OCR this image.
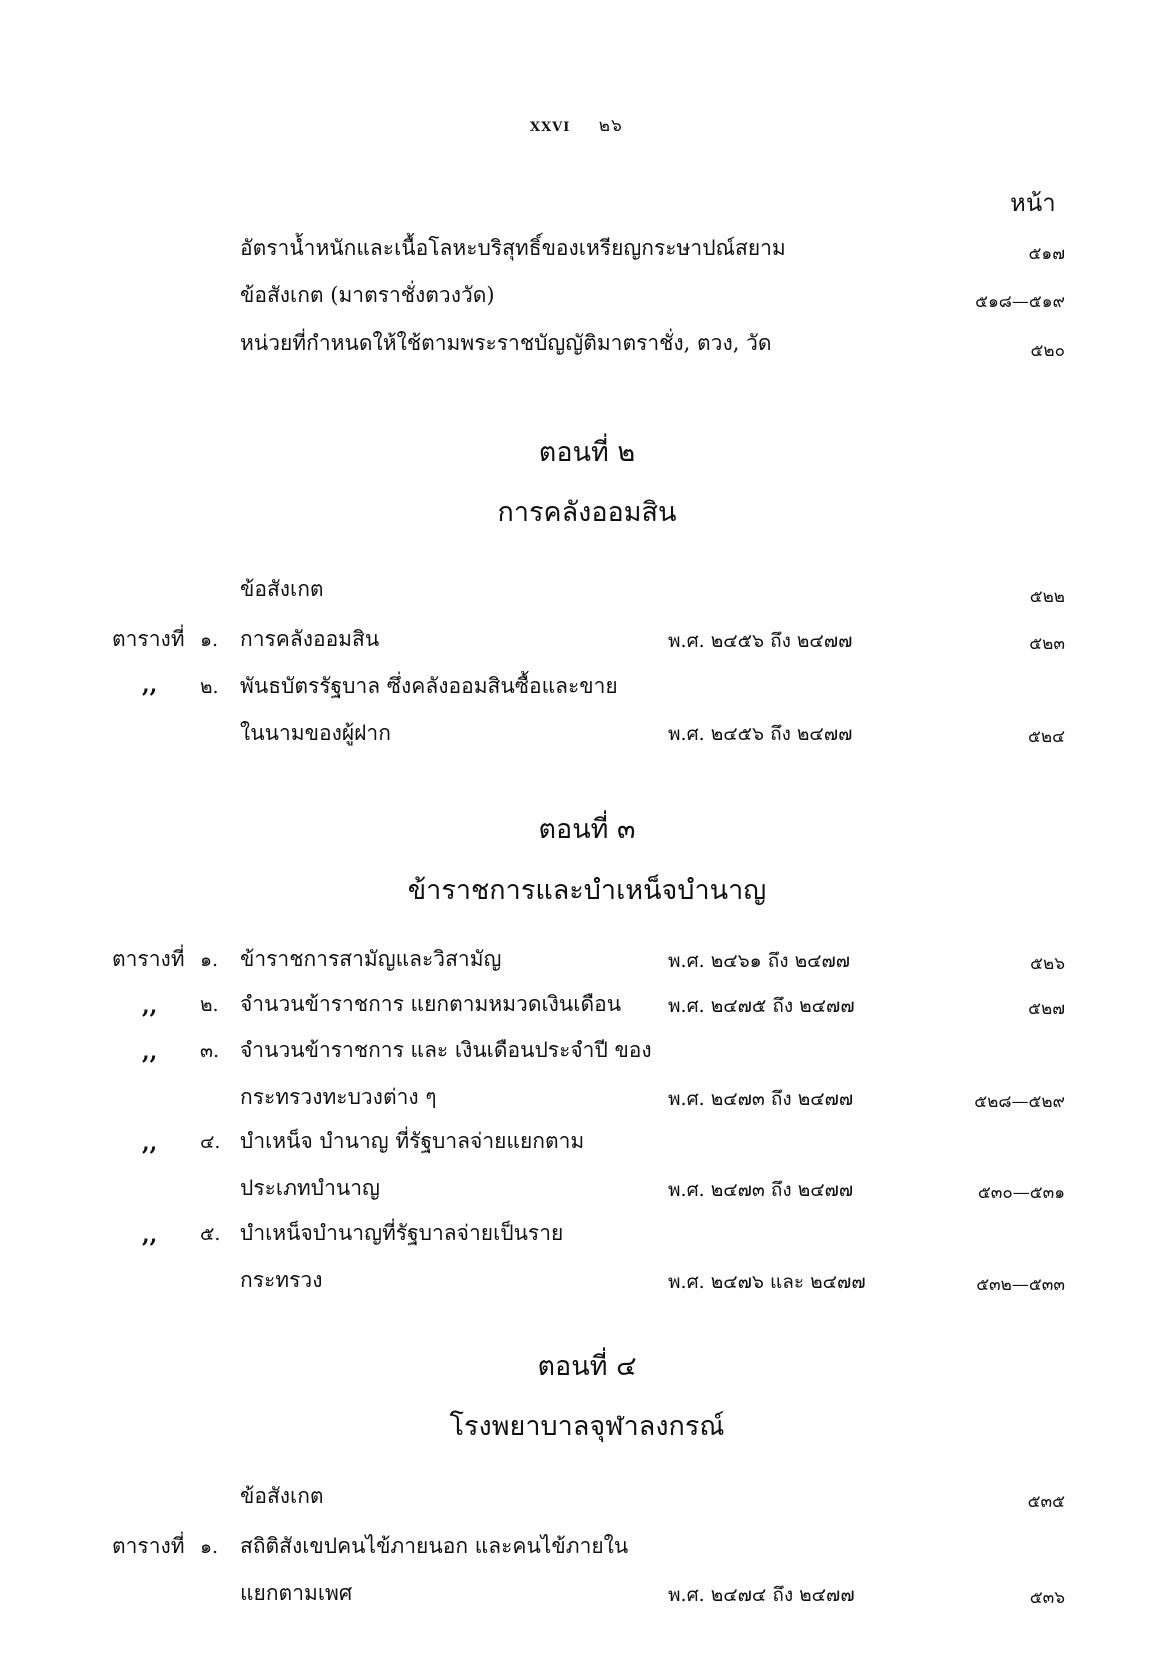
XXVI ๒๖
หน้า
อัตราน้ำหนักและเนื้อโลหะบริสุทธิ์ของเหรียญกระษาปณ์สยาม	๕๑๗
ข้อสังเกต (มาตราชั่งตวงวัด)	๕๑๘—๕๑๙
หน่วยที่กำหนดให้ใช้ตามพระราชบัญญัติมาตราชั่ง, ตวง, วัด	๕๒๐
ตอนที่ ๒
การคลังออมสิน
ข้อสังเกต	๕๒๒
ตารางที่ ๑. การคลังออมสิน	พ.ศ. ๒๔๕๖ ถึง ๒๔๗๗	๕๒๓
,, ๒. พันธบัตรรัฐบาล ซึ่งคลังออมสินซื้อและขาย
ในนามของผู้ฝาก	พ.ศ. ๒๔๕๖ ถึง ๒๔๗๗	๕๒๔
ตอนที่ ๓
ข้าราชการและบำเหน็จบำนาญ
ตารางที่ ๑. ข้าราชการสามัญและวิสามัญ	พ.ศ. ๒๔๖๑ ถึง ๒๔๗๗	๕๒๖
,, ๒. จำนวนข้าราชการ แยกตามหมวดเงินเดือน พ.ศ. ๒๔๗๕ ถึง ๒๔๗๗	๕๒๗
,, ๓. จำนวนข้าราชการ และ เงินเดือนประจำปี ของ
กระทรวงทะบวงต่าง ๆ	พ.ศ. ๒๔๗๓ ถึง ๒๔๗๗	๕๒๘—๕๒๙
,, ๔. บำเหน็จ บำนาญ ที่รัฐบาลจ่ายแยกตาม
ประเภทบำนาญ	พ.ศ. ๒๔๗๓ ถึง ๒๔๗๗	๕๓๐—๕๓๑
,, ๕. บำเหน็จบำนาญที่รัฐบาลจ่ายเป็นราย
กระทรวง	พ.ศ. ๒๔๗๖ และ ๒๔๗๗	๕๓๒—๕๓๓
ตอนที่ ๔
โรงพยาบาลจุฬาลงกรณ์
ข้อสังเกต	๕๓๕
ตารางที่ ๑. สถิติสังเขปคนไข้ภายนอก และคนไข้ภายใน
แยกตามเพศ	พ.ศ. ๒๔๗๔ ถึง ๒๔๗๗	๕๓๖
